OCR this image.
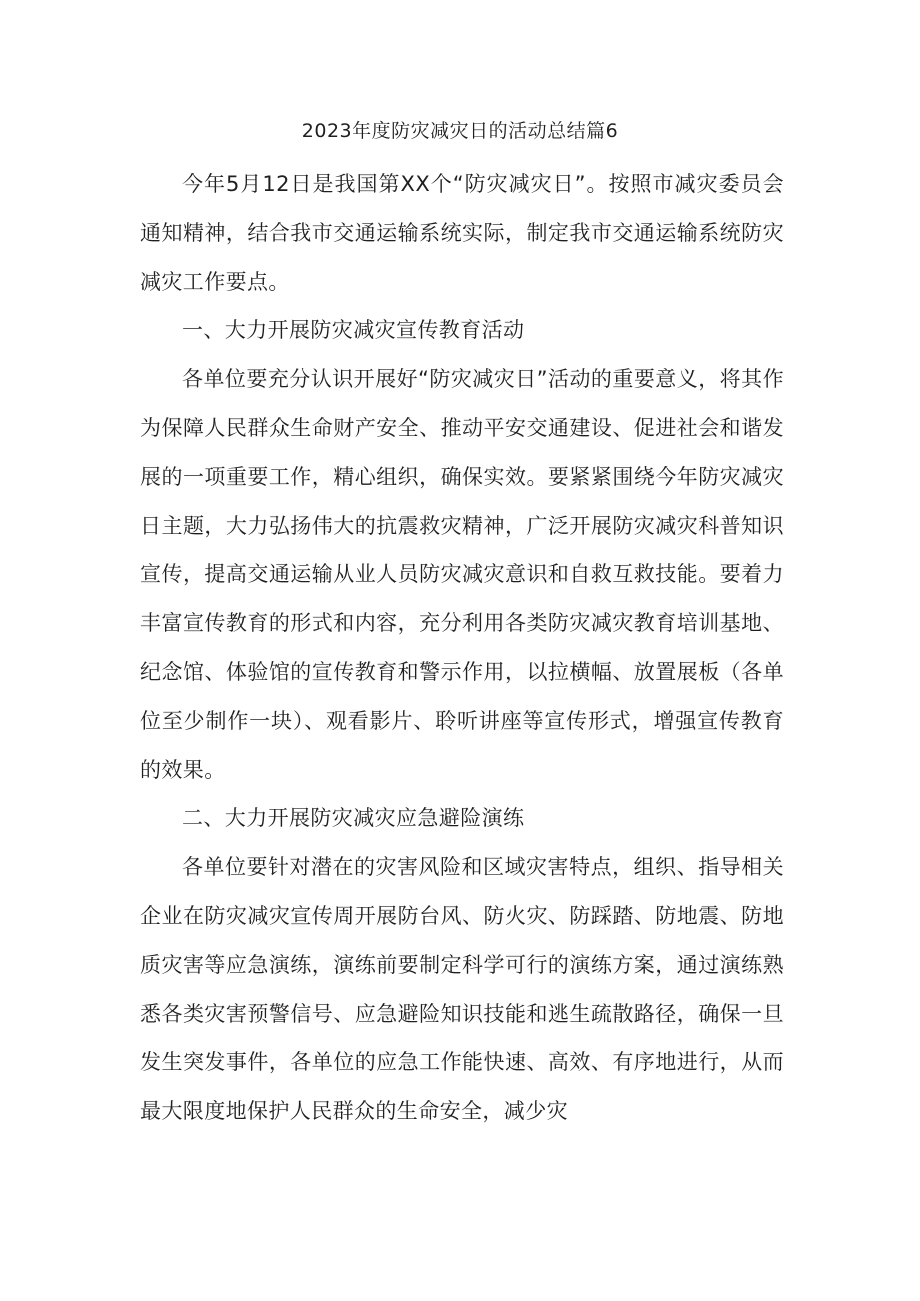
2023年度防灾减灾日的活动总结篇6

今年5月12日是我国第XX个“防灾减灾日”。按照市减灾委员会通知精神，结合我市交通运输系统实际，制定我市交通运输系统防灾减灾工作要点。

一、大力开展防灾减灾宣传教育活动

各单位要充分认识开展好“防灾减灾日”活动的重要意义，将其作为保障人民群众生命财产安全、推动平安交通建设、促进社会和谐发展的一项重要工作，精心组织，确保实效。要紧紧围绕今年防灾减灾日主题，大力弘扬伟大的抗震救灾精神，广泛开展防灾减灾科普知识宣传，提高交通运输从业人员防灾减灾意识和自救互救技能。要着力丰富宣传教育的形式和内容，充分利用各类防灾减灾教育培训基地、纪念馆、体验馆的宣传教育和警示作用，以拉横幅、放置展板（各单位至少制作一块）、观看影片、聆听讲座等宣传形式，增强宣传教育的效果。

二、大力开展防灾减灾应急避险演练

各单位要针对潜在的灾害风险和区域灾害特点，组织、指导相关企业在防灾减灾宣传周开展防台风、防火灾、防踩踏、防地震、防地质灾害等应急演练，演练前要制定科学可行的演练方案，通过演练熟悉各类灾害预警信号、应急避险知识技能和逃生疏散路径，确保一旦发生突发事件，各单位的应急工作能快速、高效、有序地进行，从而最大限度地保护人民群众的生命安全，减少灾
